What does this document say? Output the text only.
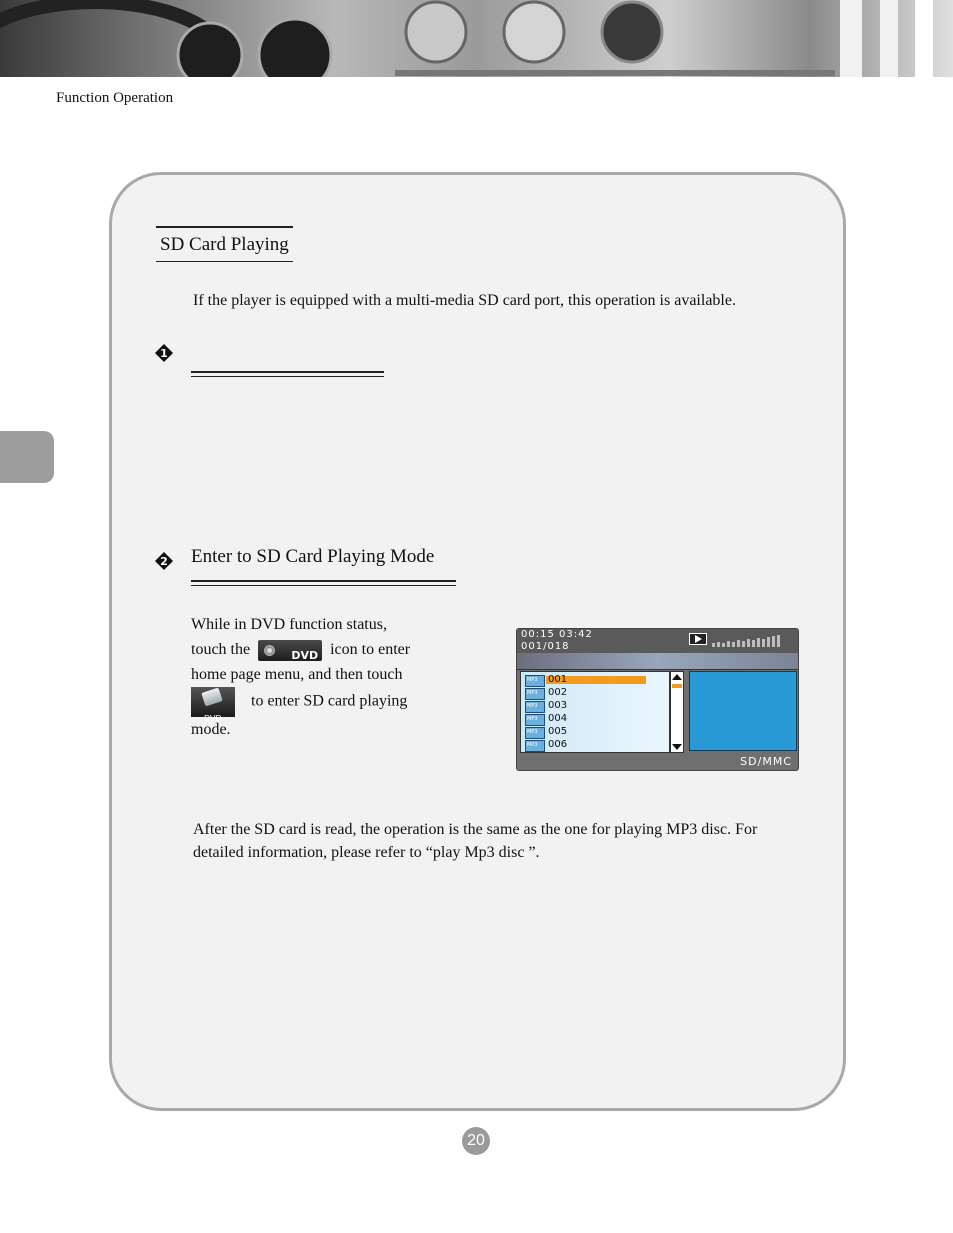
Function Operation
SD Card Playing
If the player is equipped with a multi-media SD card port, this operation is available.
1
2 Enter to SD Card Playing Mode
While in DVD function status,
touch the	DVD icon to enter
home page menu, and then touch
DVD
to enter SD card playing
mode.
00:15 03:42
001/018
MP3
001
MP3
002
MP3
003
MP3
004
MP3
005
MP3
006
SD/MMC
After the SD card is read, the operation is the same as the one for playing MP3 disc. For
detailed information, please refer to “play Mp3 disc ”.
20
